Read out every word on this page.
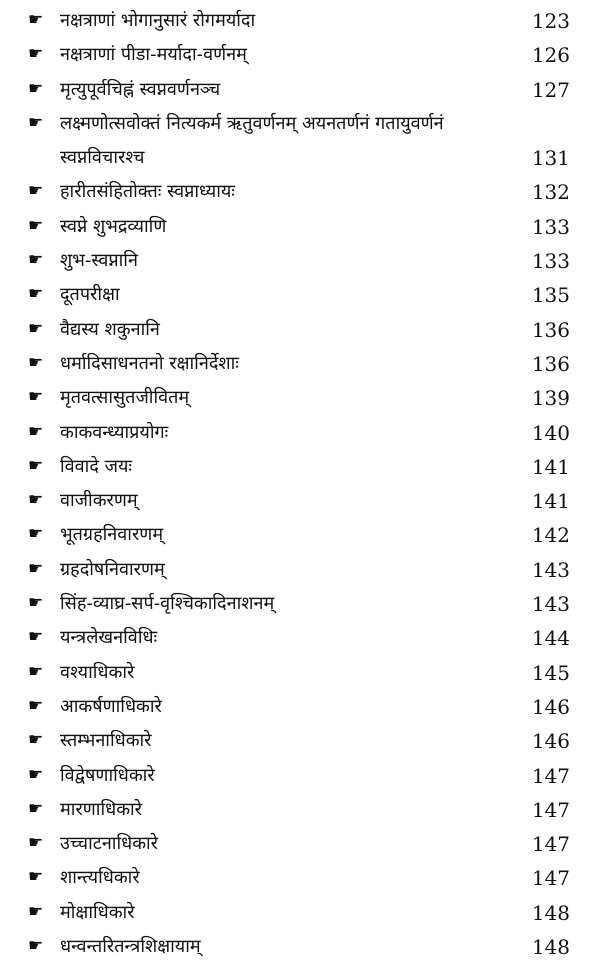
☛ नक्षत्राणां भोगानुसारं रोगमर्यादा	123
☛ नक्षत्राणां पीडा-मर्यादा-वर्णनम्	126
☛ मृत्युपूर्वचिह्नं स्वप्नवर्णनञ्च	127
☛ लक्ष्मणोत्सवोक्तं नित्यकर्म ऋतुवर्णनम् अयनतर्णनं गतायुवर्णनं स्वप्नविचारश्च	131
☛ हारीतसंहितोक्तः स्वप्नाध्यायः	132
☛ स्वप्ने शुभद्रव्याणि	133
☛ शुभ-स्वप्नानि	133
☛ दूतपरीक्षा	135
☛ वैद्यस्य शकुनानि	136
☛ धर्मादिसाधनतनो रक्षानिर्देशाः	136
☛ मृतवत्सासुतजीवितम्	139
☛ काकवन्ध्याप्रयोगः	140
☛ विवादे जयः	141
☛ वाजीकरणम्	141
☛ भूतग्रहनिवारणम्	142
☛ ग्रहदोषनिवारणम्	143
☛ सिंह-व्याघ्र-सर्प-वृश्चिकादिनाशनम्	143
☛ यन्त्रलेखनविधिः	144
☛ वश्याधिकारे	145
☛ आकर्षणाधिकारे	146
☛ स्तम्भनाधिकारे	146
☛ विद्वेषणाधिकारे	147
☛ मारणाधिकारे	147
☛ उच्चाटनाधिकारे	147
☛ शान्त्यधिकारे	147
☛ मोक्षाधिकारे	148
☛ धन्वन्तरितन्त्रशिक्षायाम्	148
